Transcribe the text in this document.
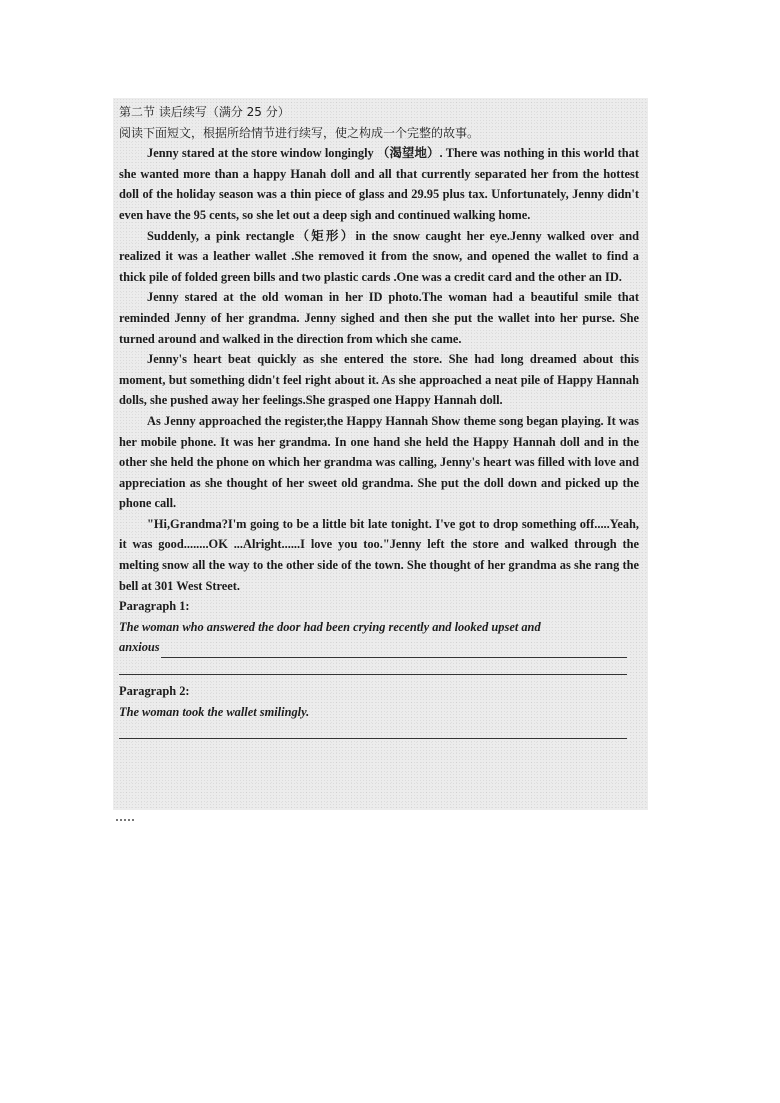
第二节 读后续写（满分 25 分）

阅读下面短文，根据所给情节进行续写，使之构成一个完整的故事。

Jenny stared at the store window longingly （渴望地）. There was nothing in this world that she wanted more than a happy Hanah doll and all that currently separated her from the hottest doll of the holiday season was a thin piece of glass and 29.95 plus tax. Unfortunately, Jenny didn't even have the 95 cents, so she let out a deep sigh and continued walking home.

Suddenly, a pink rectangle（矩形）in the snow caught her eye.Jenny walked over and realized it was a leather wallet .She removed it from the snow, and opened the wallet to find a thick pile of folded green bills and two plastic cards .One was a credit card and the other an ID.

Jenny stared at the old woman in her ID photo.The woman had a beautiful smile that reminded Jenny of her grandma. Jenny sighed and then she put the wallet into her purse. She turned around and walked in the direction from which she came.

Jenny's heart beat quickly as she entered the store. She had long dreamed about this moment, but something didn't feel right about it. As she approached a neat pile of Happy Hannah dolls, she pushed away her feelings.She grasped one Happy Hannah doll.

As Jenny approached the register,the Happy Hannah Show theme song began playing. It was her mobile phone. It was her grandma. In one hand she held the Happy Hannah doll and in the other she held the phone on which her grandma was calling, Jenny's heart was filled with love and appreciation as she thought of her sweet old grandma. She put the doll down and picked up the phone call.

"Hi,Grandma?I'm going to be a little bit late tonight. I've got to drop something off.....Yeah, it was good........OK ...Alright......I love you too."Jenny left the store and walked through the melting snow all the way to the other side of the town. She thought of her grandma as she rang the bell at 301 West Street.

Paragraph 1:

The woman who answered the door had been crying recently and looked upset and

anxious

Paragraph 2:

The woman took the wallet smilingly.
